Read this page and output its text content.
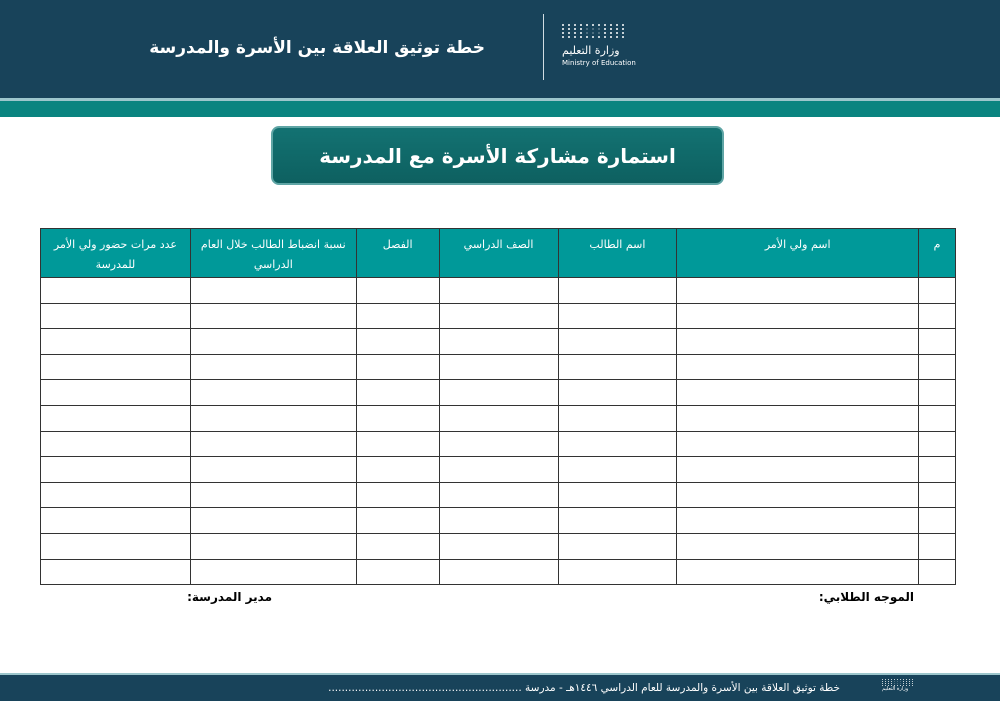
خطة توثيق العلاقة بين الأسرة والمدرسة	وزارة التعليم
Ministry of Education
استمارة مشاركة الأسرة مع المدرسة
م	اسم ولي الأمر	اسم الطالب	الصف الدراسي	الفصل	نسبة انضباط الطالب خلال العام الدراسي	عدد مرات حضور ولي الأمر للمدرسة

الموجه الطلابي:
مدير المدرسة:
وزارة التعليم
خطة توثيق العلاقة بين الأسرة والمدرسة للعام الدراسي ١٤٤٦هـ - مدرسة ..........................................................
